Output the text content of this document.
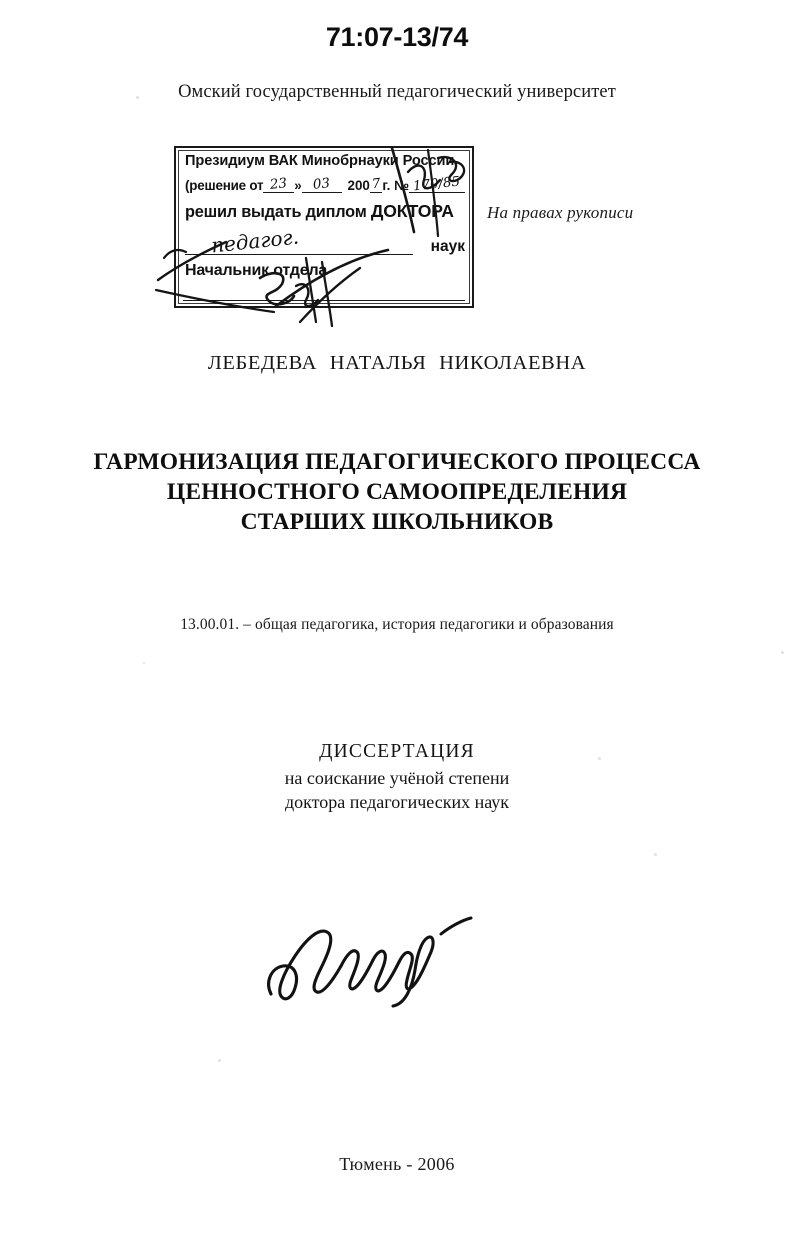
71:07-13/74
Омский государственный педагогический университет
Президиум ВАК Минобрнауки России
(решение от 23 » 03	200 7 г. № 170/85
решил выдать диплом ДОКТОРА
педагог.	наук
Начальник отдела
На правах рукописи
ЛЕБЕДЕВА НАТАЛЬЯ НИКОЛАЕВНА
ГАРМОНИЗАЦИЯ ПЕДАГОГИЧЕСКОГО ПРОЦЕССА
ЦЕННОСТНОГО САМООПРЕДЕЛЕНИЯ
СТАРШИХ ШКОЛЬНИКОВ
13.00.01. – общая педагогика, история педагогики и образования
ДИССЕРТАЦИЯ
на соискание учёной степени
доктора педагогических наук
Тюмень - 2006
